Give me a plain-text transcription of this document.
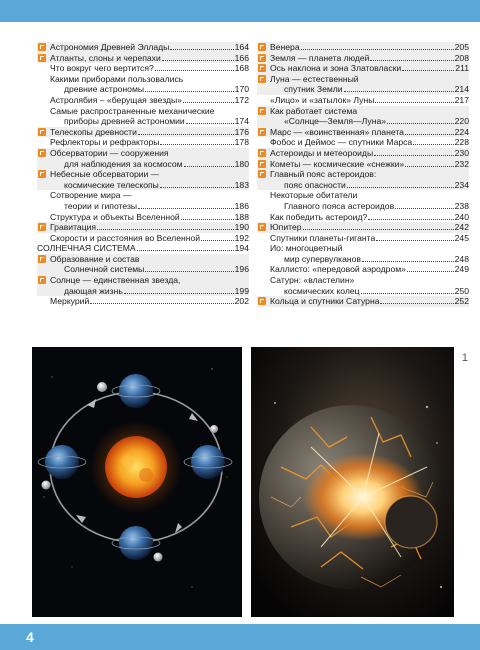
Астрономия Древней Эллады	164
Атланты, слоны и черепахи	166
Что вокруг чего вертится?	168
Какими приборами пользовались
древние астрономы	170
Астролябия – «берущая звезды»	172
Самые распространенные механические
приборы древней астрономии	174
Телескопы древности	176
Рефлекторы и рефракторы	178
Обсерватории — сооружения
для наблюдения за космосом	180
Небесные обсерватории —
космические телескопы	183
Сотворение мира —
теории и гипотезы	186
Структура и объекты Вселенной	188
Гравитация	190
Скорости и расстояния во Вселенной	192
СОЛНЕЧНАЯ СИСТЕМА	194
Образование и состав
Солнечной системы	196
Солнце — единственная звезда,
дающая жизнь	199
Меркурий	202
Венера	205
Земля — планета людей	208
Ось наклона и зона Златовласки	211
Луна — естественный
спутник Земли	214
«Лицо» и «затылок» Луны	217
Как работает система
«Солнце—Земля—Луна»	220
Марс — «воинственная» планета	224
Фобос и Деймос — спутники Марса	228
Астероиды и метеороиды	230
Кометы — космические «снежки»	232
Главный пояс астероидов:
пояс опасности	234
Некоторые обитатели
Главного пояса астероидов	238
Как победить астероид?	240
Юпитер	242
Спутники планеты-гиганта	245
Ио: многоцветный
мир супервулканов	248
Каллисто: «передовой аэродром»	249
Сатурн: «властелин»
космических колец	250
Кольца и спутники Сатурна	252
1
4
